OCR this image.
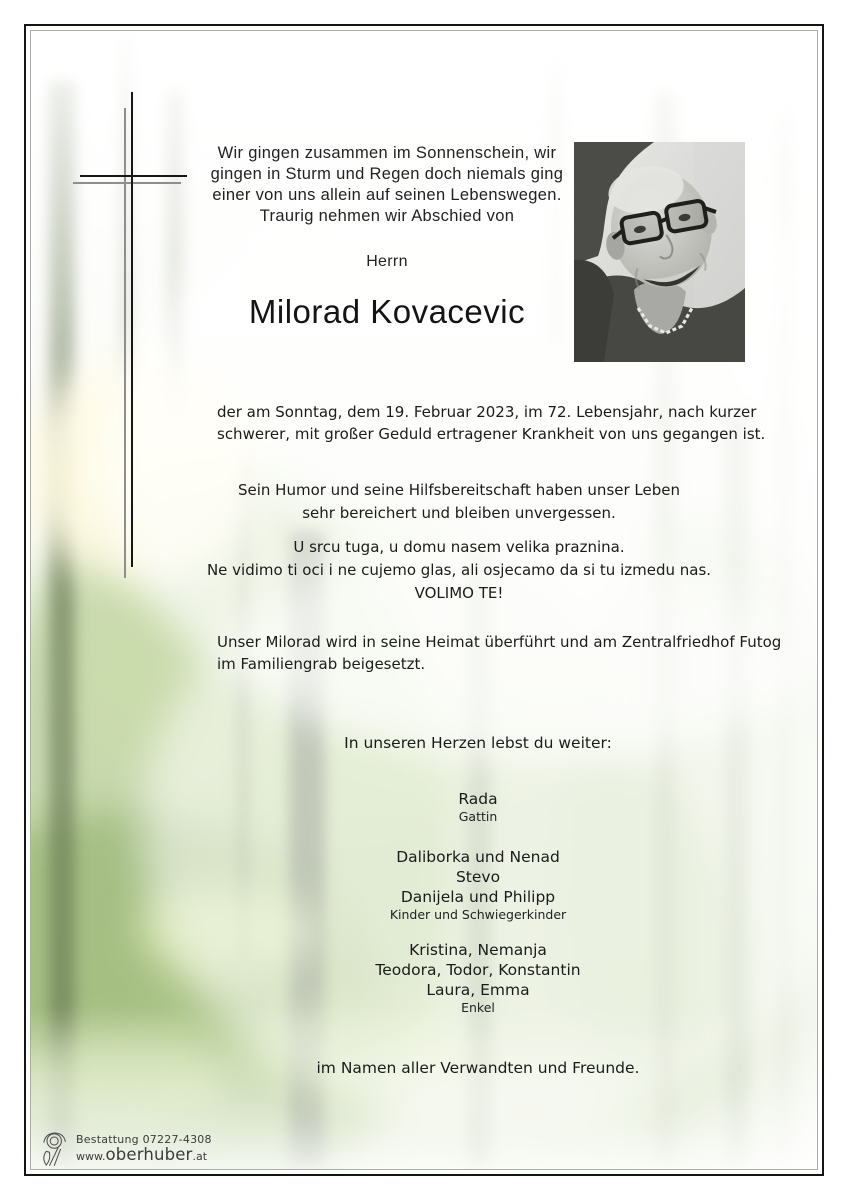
Wir gingen zusammen im Sonnenschein, wir
gingen in Sturm und Regen doch niemals ging
einer von uns allein auf seinen Lebenswegen.
Traurig nehmen wir Abschied von
Herrn
Milorad Kovacevic
der am Sonntag, dem 19. Februar 2023, im 72. Lebensjahr, nach kurzer
schwerer, mit großer Geduld ertragener Krankheit von uns gegangen ist.
Sein Humor und seine Hilfsbereitschaft haben unser Leben
sehr bereichert und bleiben unvergessen.
U srcu tuga, u domu nasem velika praznina.
Ne vidimo ti oci i ne cujemo glas, ali osjecamo da si tu izmedu nas.
VOLIMO TE!
Unser Milorad wird in seine Heimat überführt und am Zentralfriedhof Futog
im Familiengrab beigesetzt.
In unseren Herzen lebst du weiter:
Rada
Gattin
Daliborka und Nenad
Stevo
Danijela und Philipp
Kinder und Schwiegerkinder
Kristina, Nemanja
Teodora, Todor, Konstantin
Laura, Emma
Enkel
im Namen aller Verwandten und Freunde.
Bestattung 07227-4308
www.oberhuber.at
